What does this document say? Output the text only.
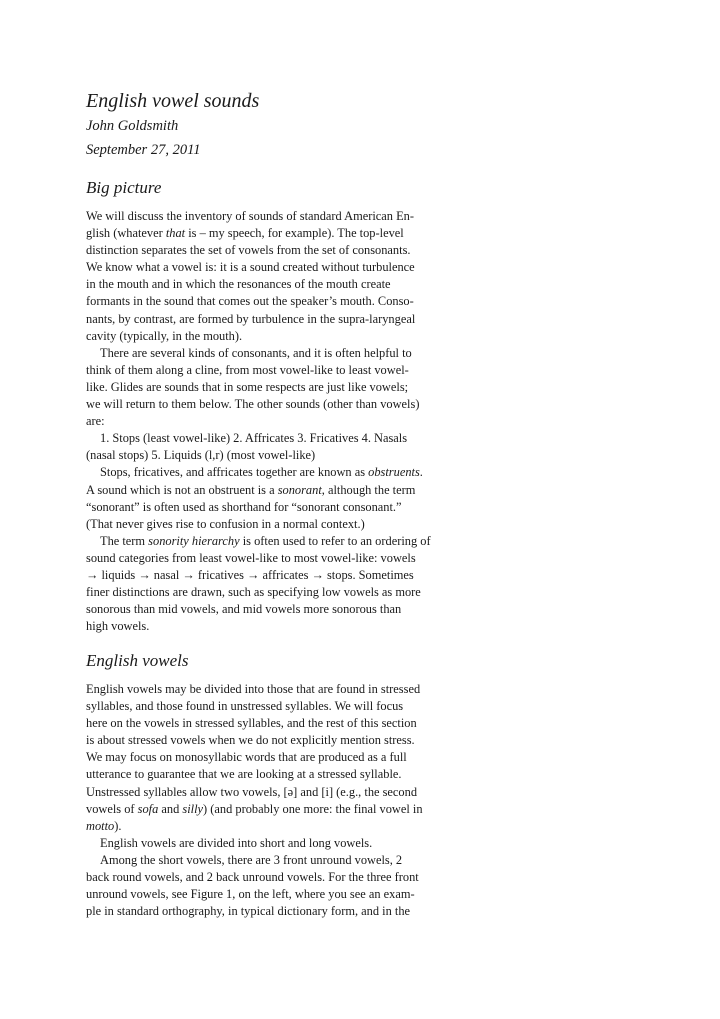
English vowel sounds
John Goldsmith
September 27, 2011
Big picture
We will discuss the inventory of sounds of standard American En-
glish (whatever that is – my speech, for example). The top-level
distinction separates the set of vowels from the set of consonants.
We know what a vowel is: it is a sound created without turbulence
in the mouth and in which the resonances of the mouth create
formants in the sound that comes out the speaker’s mouth. Conso-
nants, by contrast, are formed by turbulence in the supra-laryngeal
cavity (typically, in the mouth).
There are several kinds of consonants, and it is often helpful to
think of them along a cline, from most vowel-like to least vowel-
like. Glides are sounds that in some respects are just like vowels;
we will return to them below. The other sounds (other than vowels)
are:
1. Stops (least vowel-like) 2. Affricates 3. Fricatives 4. Nasals
(nasal stops) 5. Liquids (l,r) (most vowel-like)
Stops, fricatives, and affricates together are known as obstruents.
A sound which is not an obstruent is a sonorant, although the term
“sonorant” is often used as shorthand for “sonorant consonant.”
(That never gives rise to confusion in a normal context.)
The term sonority hierarchy is often used to refer to an ordering of
sound categories from least vowel-like to most vowel-like: vowels
→ liquids → nasal → fricatives → affricates → stops. Sometimes
finer distinctions are drawn, such as specifying low vowels as more
sonorous than mid vowels, and mid vowels more sonorous than
high vowels.
English vowels
English vowels may be divided into those that are found in stressed
syllables, and those found in unstressed syllables. We will focus
here on the vowels in stressed syllables, and the rest of this section
is about stressed vowels when we do not explicitly mention stress.
We may focus on monosyllabic words that are produced as a full
utterance to guarantee that we are looking at a stressed syllable.
Unstressed syllables allow two vowels, [ə] and [i] (e.g., the second
vowels of sofa and silly) (and probably one more: the final vowel in
motto).
English vowels are divided into short and long vowels.
Among the short vowels, there are 3 front unround vowels, 2
back round vowels, and 2 back unround vowels. For the three front
unround vowels, see Figure 1, on the left, where you see an exam-
ple in standard orthography, in typical dictionary form, and in the
